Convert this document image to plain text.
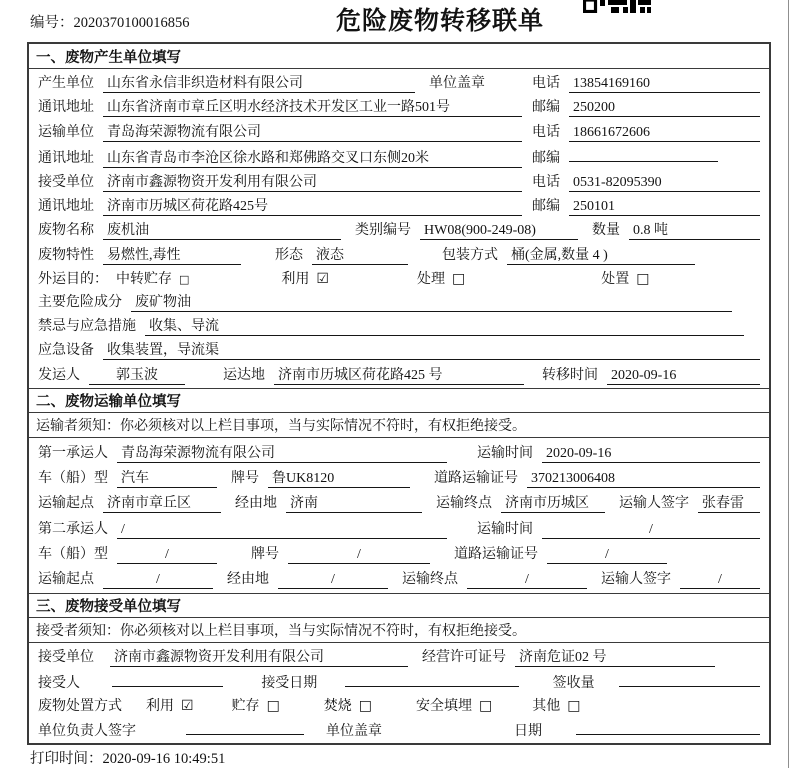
编号：2020370100016856	危险废物转移联单
一、废物产生单位填写
产生单位 山东省永信非织造材料有限公司	单位盖章	电话 13854169160
通讯地址 山东省济南市章丘区明水经济技术开发区工业一路501号	邮编 250200
运输单位 青岛海荣源物流有限公司	电话 18661672606
通讯地址 山东省青岛市李沧区徐水路和郑佛路交叉口东侧20米	邮编
接受单位 济南市鑫源物资开发利用有限公司	电话 0531-82095390
通讯地址 济南市历城区荷花路425号	邮编 250101
废物名称 废机油	类别编号 HW08(900-249-08)	数量 0.8 吨
废物特性 易燃性,毒性	形态 液态	包装方式 桶(金属,数量 4 )
外运目的： 中转贮存 □	利用 ☑	处理 □	处置 □
主要危险成分 废矿物油
禁忌与应急措施 收集、导流
应急设备 收集装置，导流渠
发运人	郭玉波	运达地 济南市历城区荷花路425 号	转移时间 2020-09-16
二、废物运输单位填写
运输者须知： 你必须核对以上栏目事项，当与实际情况不符时，有权拒绝接受。
第一承运人 青岛海荣源物流有限公司	运输时间 2020-09-16
车（船）型 汽车	牌号 鲁UK8120	道路运输证号 370213006408
运输起点 济南市章丘区	经由地 济南	运输终点 济南市历城区	运输人签字 张春雷
第二承运人 /	运输时间	/
车（船）型	/	牌号	/	道路运输证号	/
运输起点	/	经由地	/	运输终点	/	运输人签字	/
三、废物接受单位填写
接受者须知： 你必须核对以上栏目事项，当与实际情况不符时，有权拒绝接受。
接受单位 济南市鑫源物资开发利用有限公司	经营许可证号 济南危证02 号
接受人	接受日期	签收量
废物处置方式 利用 ☑	贮存 □	焚烧 □	安全填埋 □	其他 □
单位负责人签字	单位盖章	日期
打印时间：2020-09-16 10:49:51
